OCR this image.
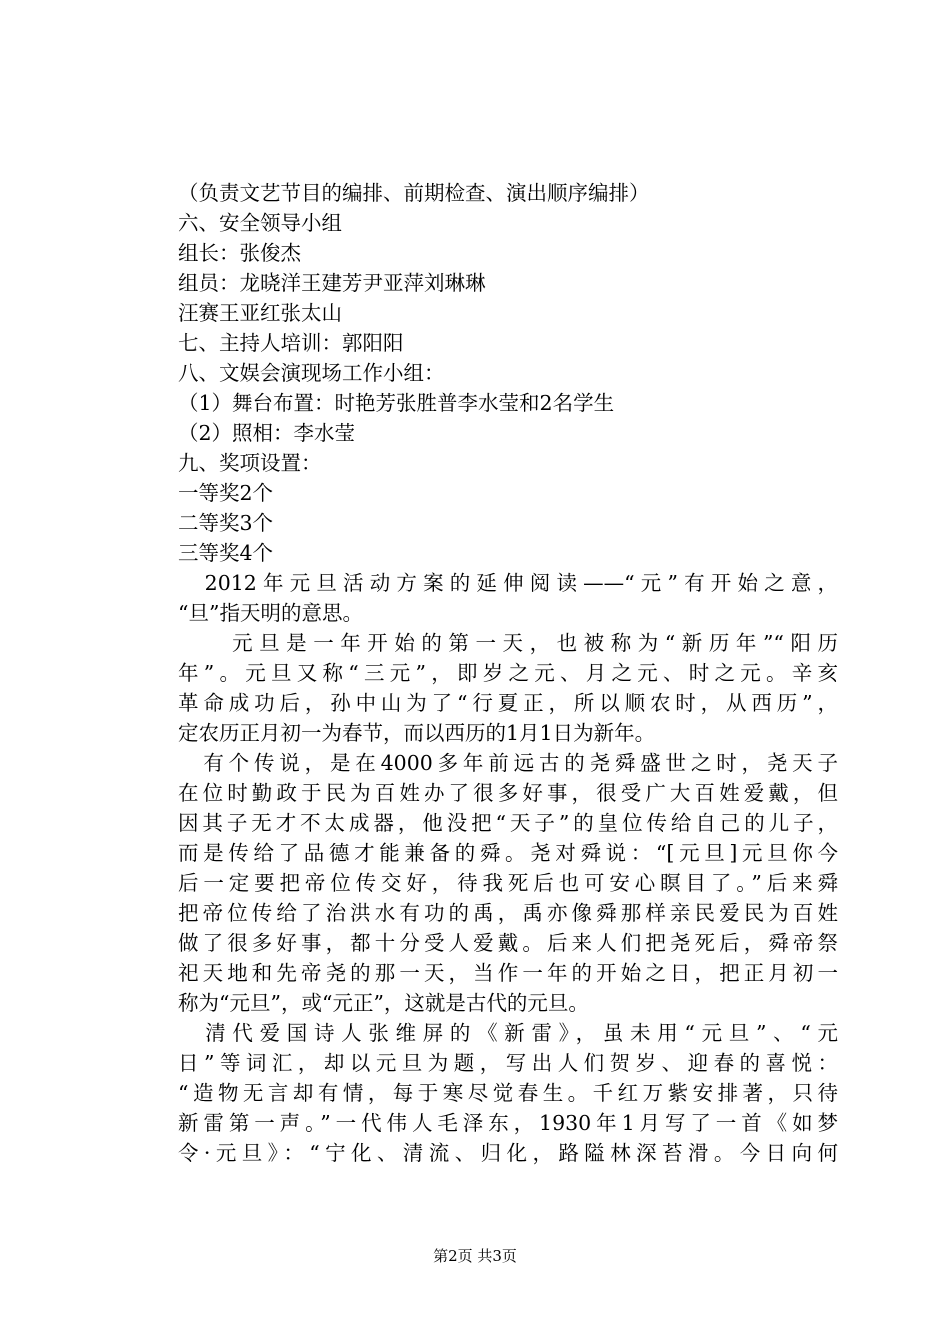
（负责文艺节目的编排、前期检查、演出顺序编排）
六、安全领导小组
组长：张俊杰
组员：龙晓洋王建芳尹亚萍刘琳琳
汪赛王亚红张太山
七、主持人培训：郭阳阳
八、文娱会演现场工作小组：
（1）舞台布置：时艳芳张胜普李水莹和2名学生
（2）照相：李水莹
九、奖项设置：
一等奖2个
二等奖3个
三等奖4个
　2012年元旦活动方案的延伸阅读——“元”有开始之意，
“旦”指天明的意思。
　　元旦是一年开始的第一天，也被称为“新历年”“阳历
年”。元旦又称“三元”，即岁之元、月之元、时之元。辛亥
革命成功后，孙中山为了“行夏正，所以顺农时，从西历”，
定农历正月初一为春节，而以西历的1月1日为新年。
　有个传说，是在4000多年前远古的尧舜盛世之时，尧天子
在位时勤政于民为百姓办了很多好事，很受广大百姓爱戴，但
因其子无才不太成器，他没把“天子”的皇位传给自己的儿子，
而是传给了品德才能兼备的舜。尧对舜说：“[元旦]元旦你今
后一定要把帝位传交好，待我死后也可安心瞑目了。”后来舜
把帝位传给了治洪水有功的禹，禹亦像舜那样亲民爱民为百姓
做了很多好事，都十分受人爱戴。后来人们把尧死后，舜帝祭
祀天地和先帝尧的那一天，当作一年的开始之日，把正月初一
称为“元旦”，或“元正”，这就是古代的元旦。
　清代爱国诗人张维屏的《新雷》，虽未用“元旦”、“元
日”等词汇，却以元旦为题，写出人们贺岁、迎春的喜悦：
“造物无言却有情，每于寒尽觉春生。千红万紫安排著，只待
新雷第一声。”一代伟人毛泽东，1930年1月写了一首《如梦
令·元旦》：“宁化、清流、归化，路隘林深苔滑。今日向何
第2页 共3页
